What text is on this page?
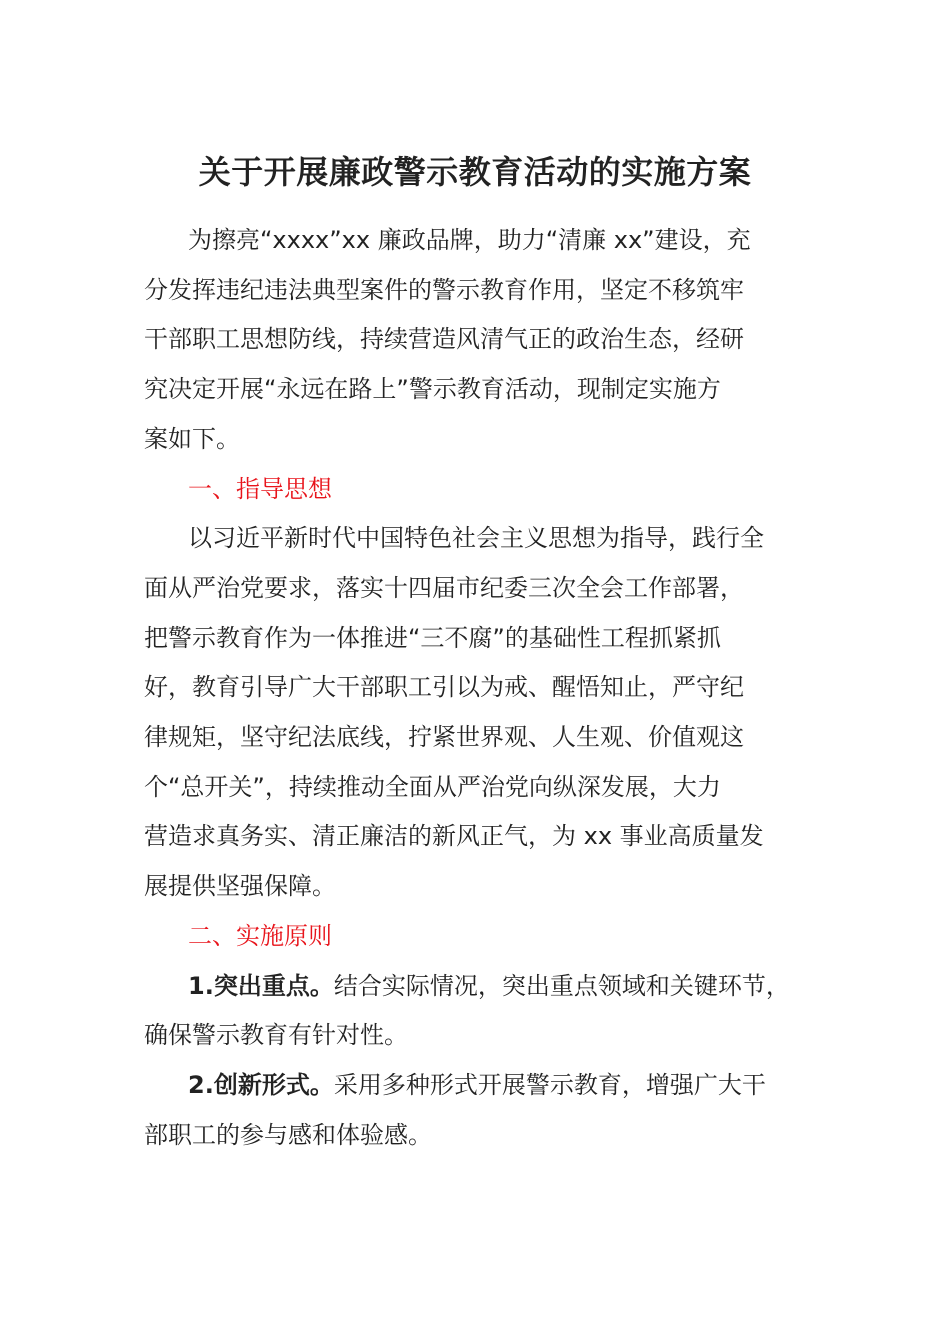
关于开展廉政警示教育活动的实施方案
为擦亮“xxxx”xx 廉政品牌，助力“清廉 xx”建设，充
分发挥违纪违法典型案件的警示教育作用，坚定不移筑牢
干部职工思想防线，持续营造风清气正的政治生态，经研
究决定开展“永远在路上”警示教育活动，现制定实施方
案如下。
一、指导思想
以习近平新时代中国特色社会主义思想为指导，践行全
面从严治党要求，落实十四届市纪委三次全会工作部署，
把警示教育作为一体推进“三不腐”的基础性工程抓紧抓
好，教育引导广大干部职工引以为戒、醒悟知止，严守纪
律规矩，坚守纪法底线，拧紧世界观、人生观、价值观这
个“总开关”，持续推动全面从严治党向纵深发展，大力
营造求真务实、清正廉洁的新风正气，为 xx 事业高质量发
展提供坚强保障。
二、实施原则
1.突出重点。结合实际情况，突出重点领域和关键环节，
确保警示教育有针对性。
2.创新形式。采用多种形式开展警示教育，增强广大干
部职工的参与感和体验感。
